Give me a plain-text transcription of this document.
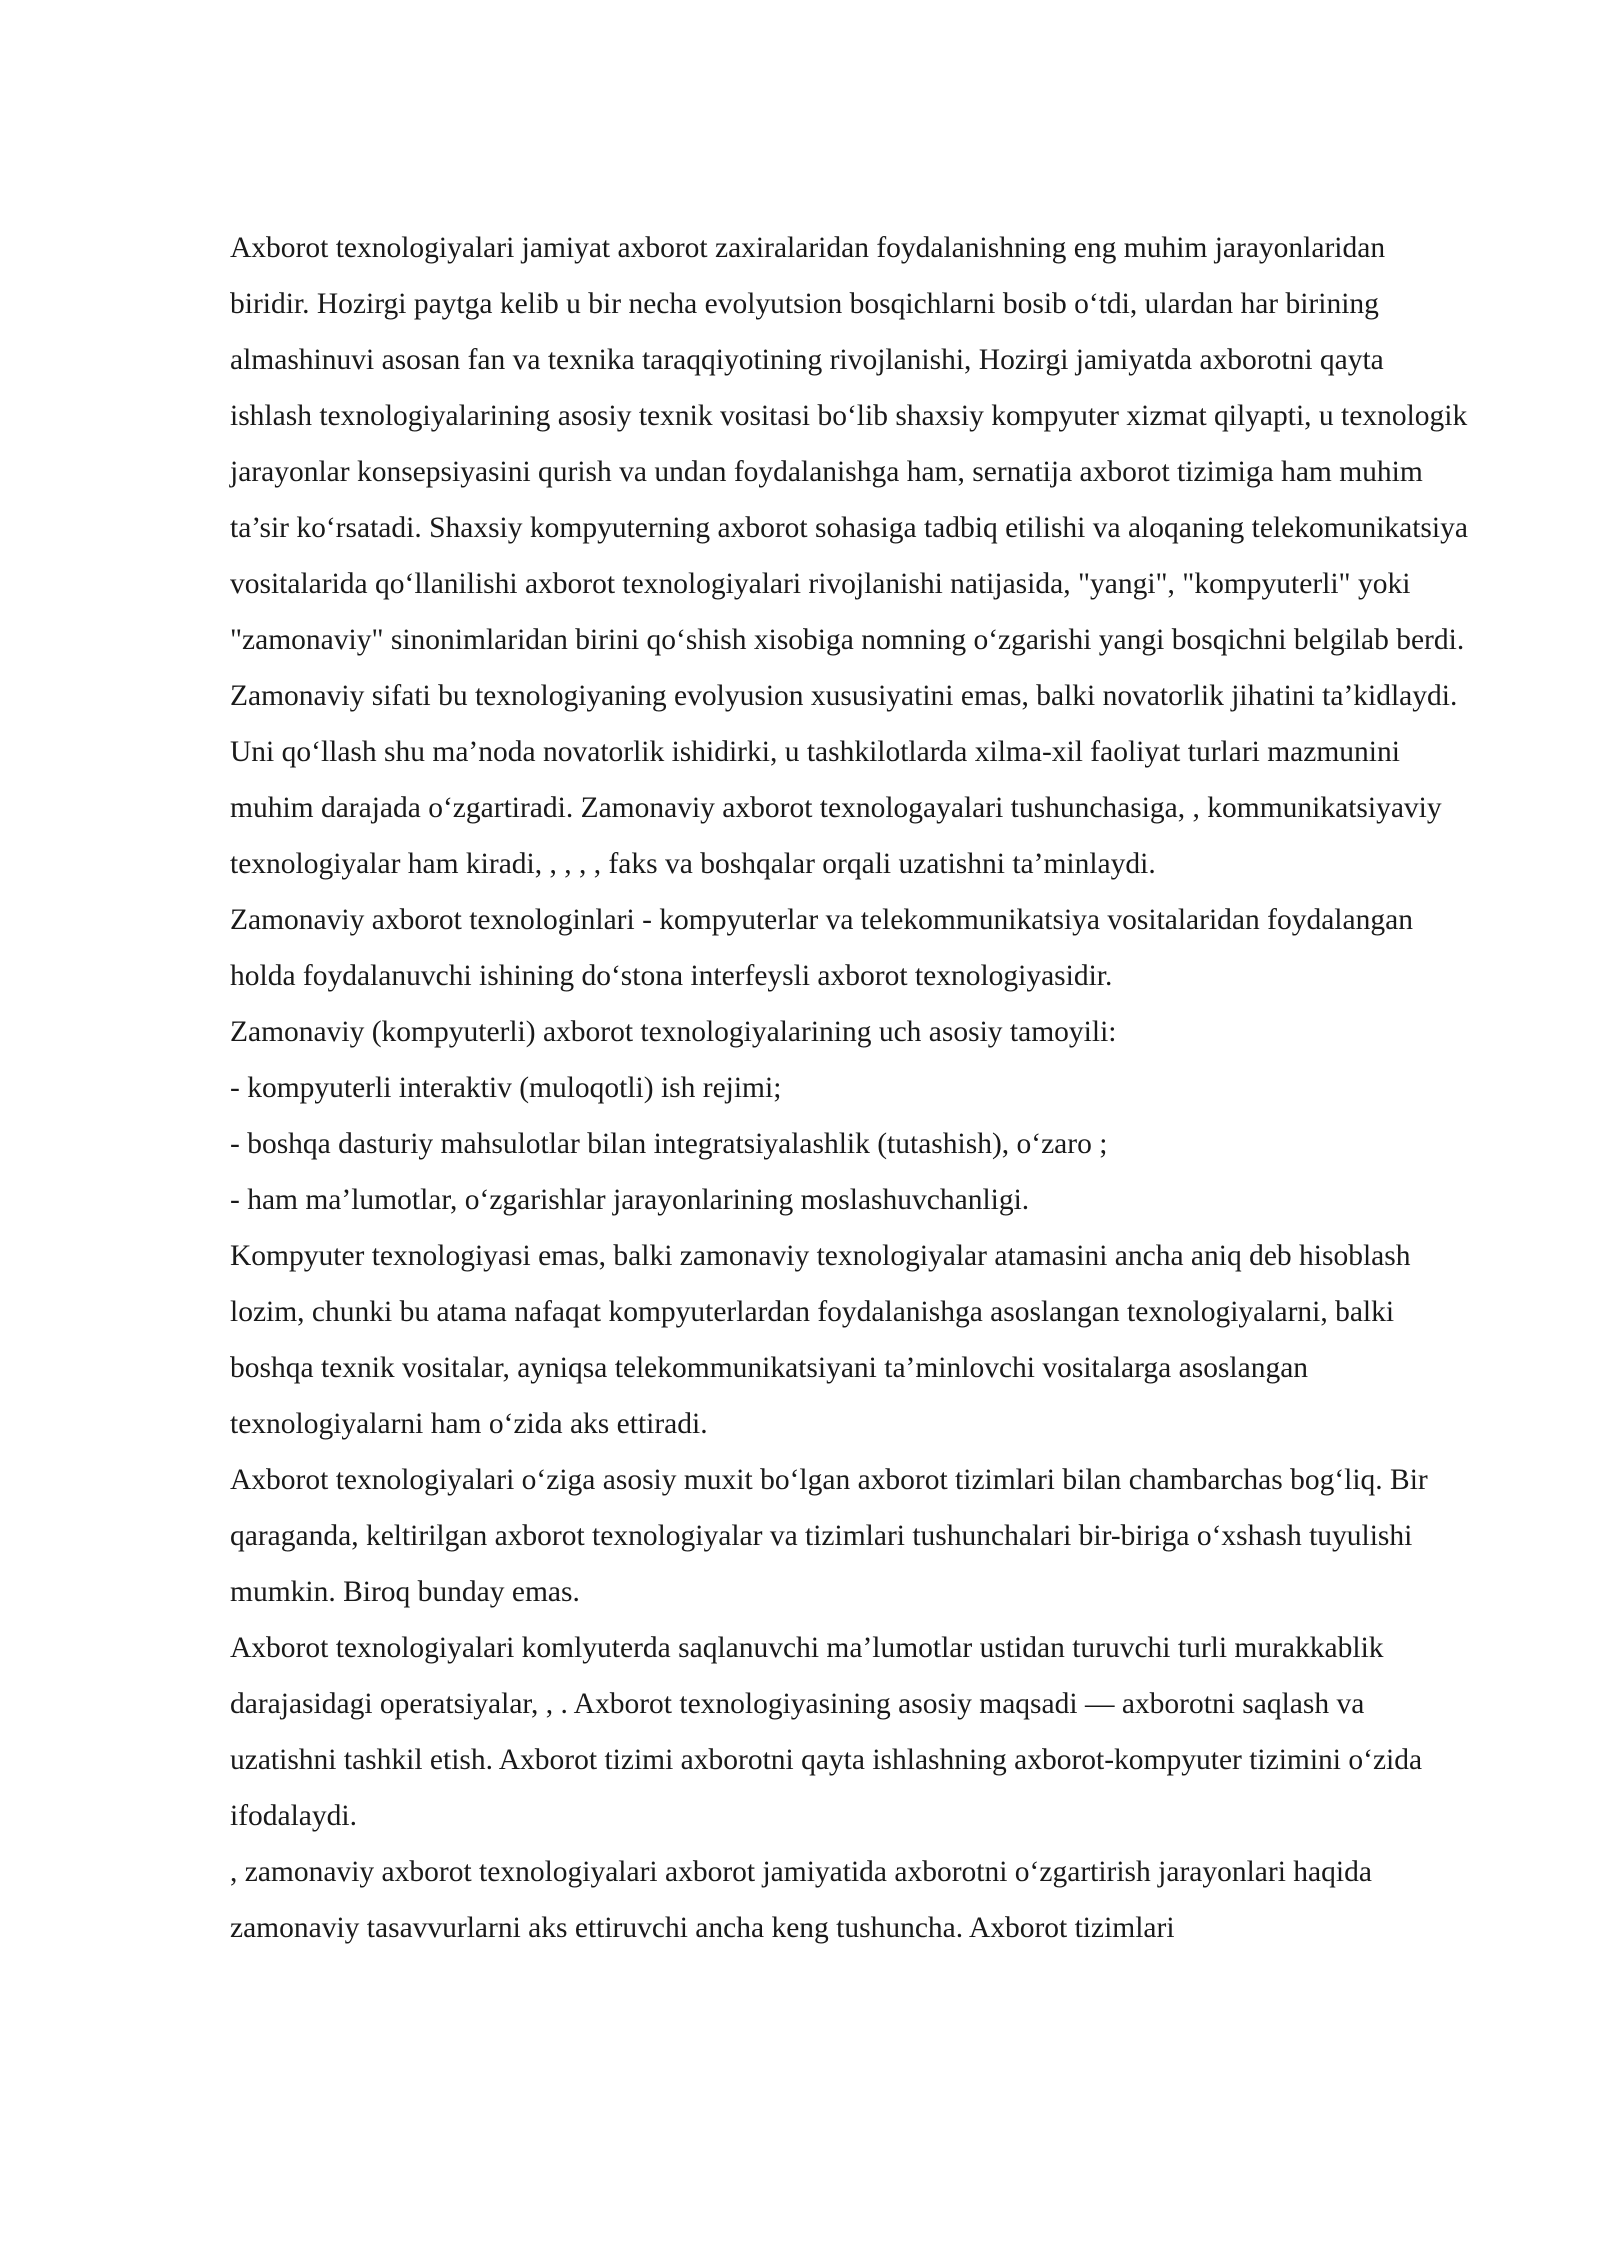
Axborot texnologiyalari jamiyat axborot zaxiralaridan foydalanishning eng muhim jarayonlaridan biridir. Hozirgi paytga kelib u bir necha evolyutsion bosqichlarni bosib o‘tdi, ulardan har birining almashinuvi asosan fan va texnika taraqqiyotining rivojlanishi, Hozirgi jamiyatda axborotni qayta ishlash texnologiyalarining asosiy texnik vositasi bo‘lib shaxsiy kompyuter xizmat qilyapti, u texnologik jarayonlar konsepsiyasini qurish va undan foydalanishga ham, sernatija axborot tizimiga ham muhim ta’sir ko‘rsatadi. Shaxsiy kompyuterning axborot sohasiga tadbiq etilishi va aloqaning telekomunikatsiya vositalarida qo‘llanilishi axborot texnologiyalari rivojlanishi natijasida, "yangi", "kompyuterli" yoki "zamonaviy" sinonimlaridan birini qo‘shish xisobiga nomning o‘zgarishi yangi bosqichni belgilab berdi. Zamonaviy sifati bu texnologiyaning evolyusion xususiyatini emas, balki novatorlik jihatini ta’kidlaydi. Uni qo‘llash shu ma’noda novatorlik ishidirki, u tashkilotlarda xilma-xil faoliyat turlari mazmunini muhim darajada o‘zgartiradi. Zamonaviy axborot texnologayalari tushunchasiga, , kommunikatsiyaviy texnologiyalar ham kiradi, , , , , faks va boshqalar orqali uzatishni ta’minlaydi.

Zamonaviy axborot texnologinlari - kompyuterlar va telekommunikatsiya vositalaridan foydalangan holda foydalanuvchi ishining do‘stona interfeysli axborot texnologiyasidir.

Zamonaviy (kompyuterli) axborot texnologiyalarining uch asosiy tamoyili:

- kompyuterli interaktiv (muloqotli) ish rejimi;

- boshqa dasturiy mahsulotlar bilan integratsiyalashlik (tutashish), o‘zaro ;

- ham ma’lumotlar, o‘zgarishlar jarayonlarining moslashuvchanligi.

Kompyuter texnologiyasi emas, balki zamonaviy texnologiyalar atamasini ancha aniq deb hisoblash lozim, chunki bu atama nafaqat kompyuterlardan foydalanishga asoslangan texnologiyalarni, balki boshqa texnik vositalar, ayniqsa telekommunikatsiyani ta’minlovchi vositalarga asoslangan texnologiyalarni ham o‘zida aks ettiradi.

Axborot texnologiyalari o‘ziga asosiy muxit bo‘lgan axborot tizimlari bilan chambarchas bog‘liq. Bir qaraganda, keltirilgan axborot texnologiyalar va tizimlari tushunchalari bir-biriga o‘xshash tuyulishi mumkin. Biroq bunday emas.

Axborot texnologiyalari komlyuterda saqlanuvchi ma’lumotlar ustidan turuvchi turli murakkablik darajasidagi operatsiyalar, , . Axborot texnologiyasining asosiy maqsadi — axborotni saqlash va uzatishni tashkil etish. Axborot tizimi axborotni qayta ishlashning axborot-kompyuter tizimini o‘zida ifodalaydi.

, zamonaviy axborot texnologiyalari axborot jamiyatida axborotni o‘zgartirish jarayonlari haqida zamonaviy tasavvurlarni aks ettiruvchi ancha keng tushuncha. Axborot tizimlari
